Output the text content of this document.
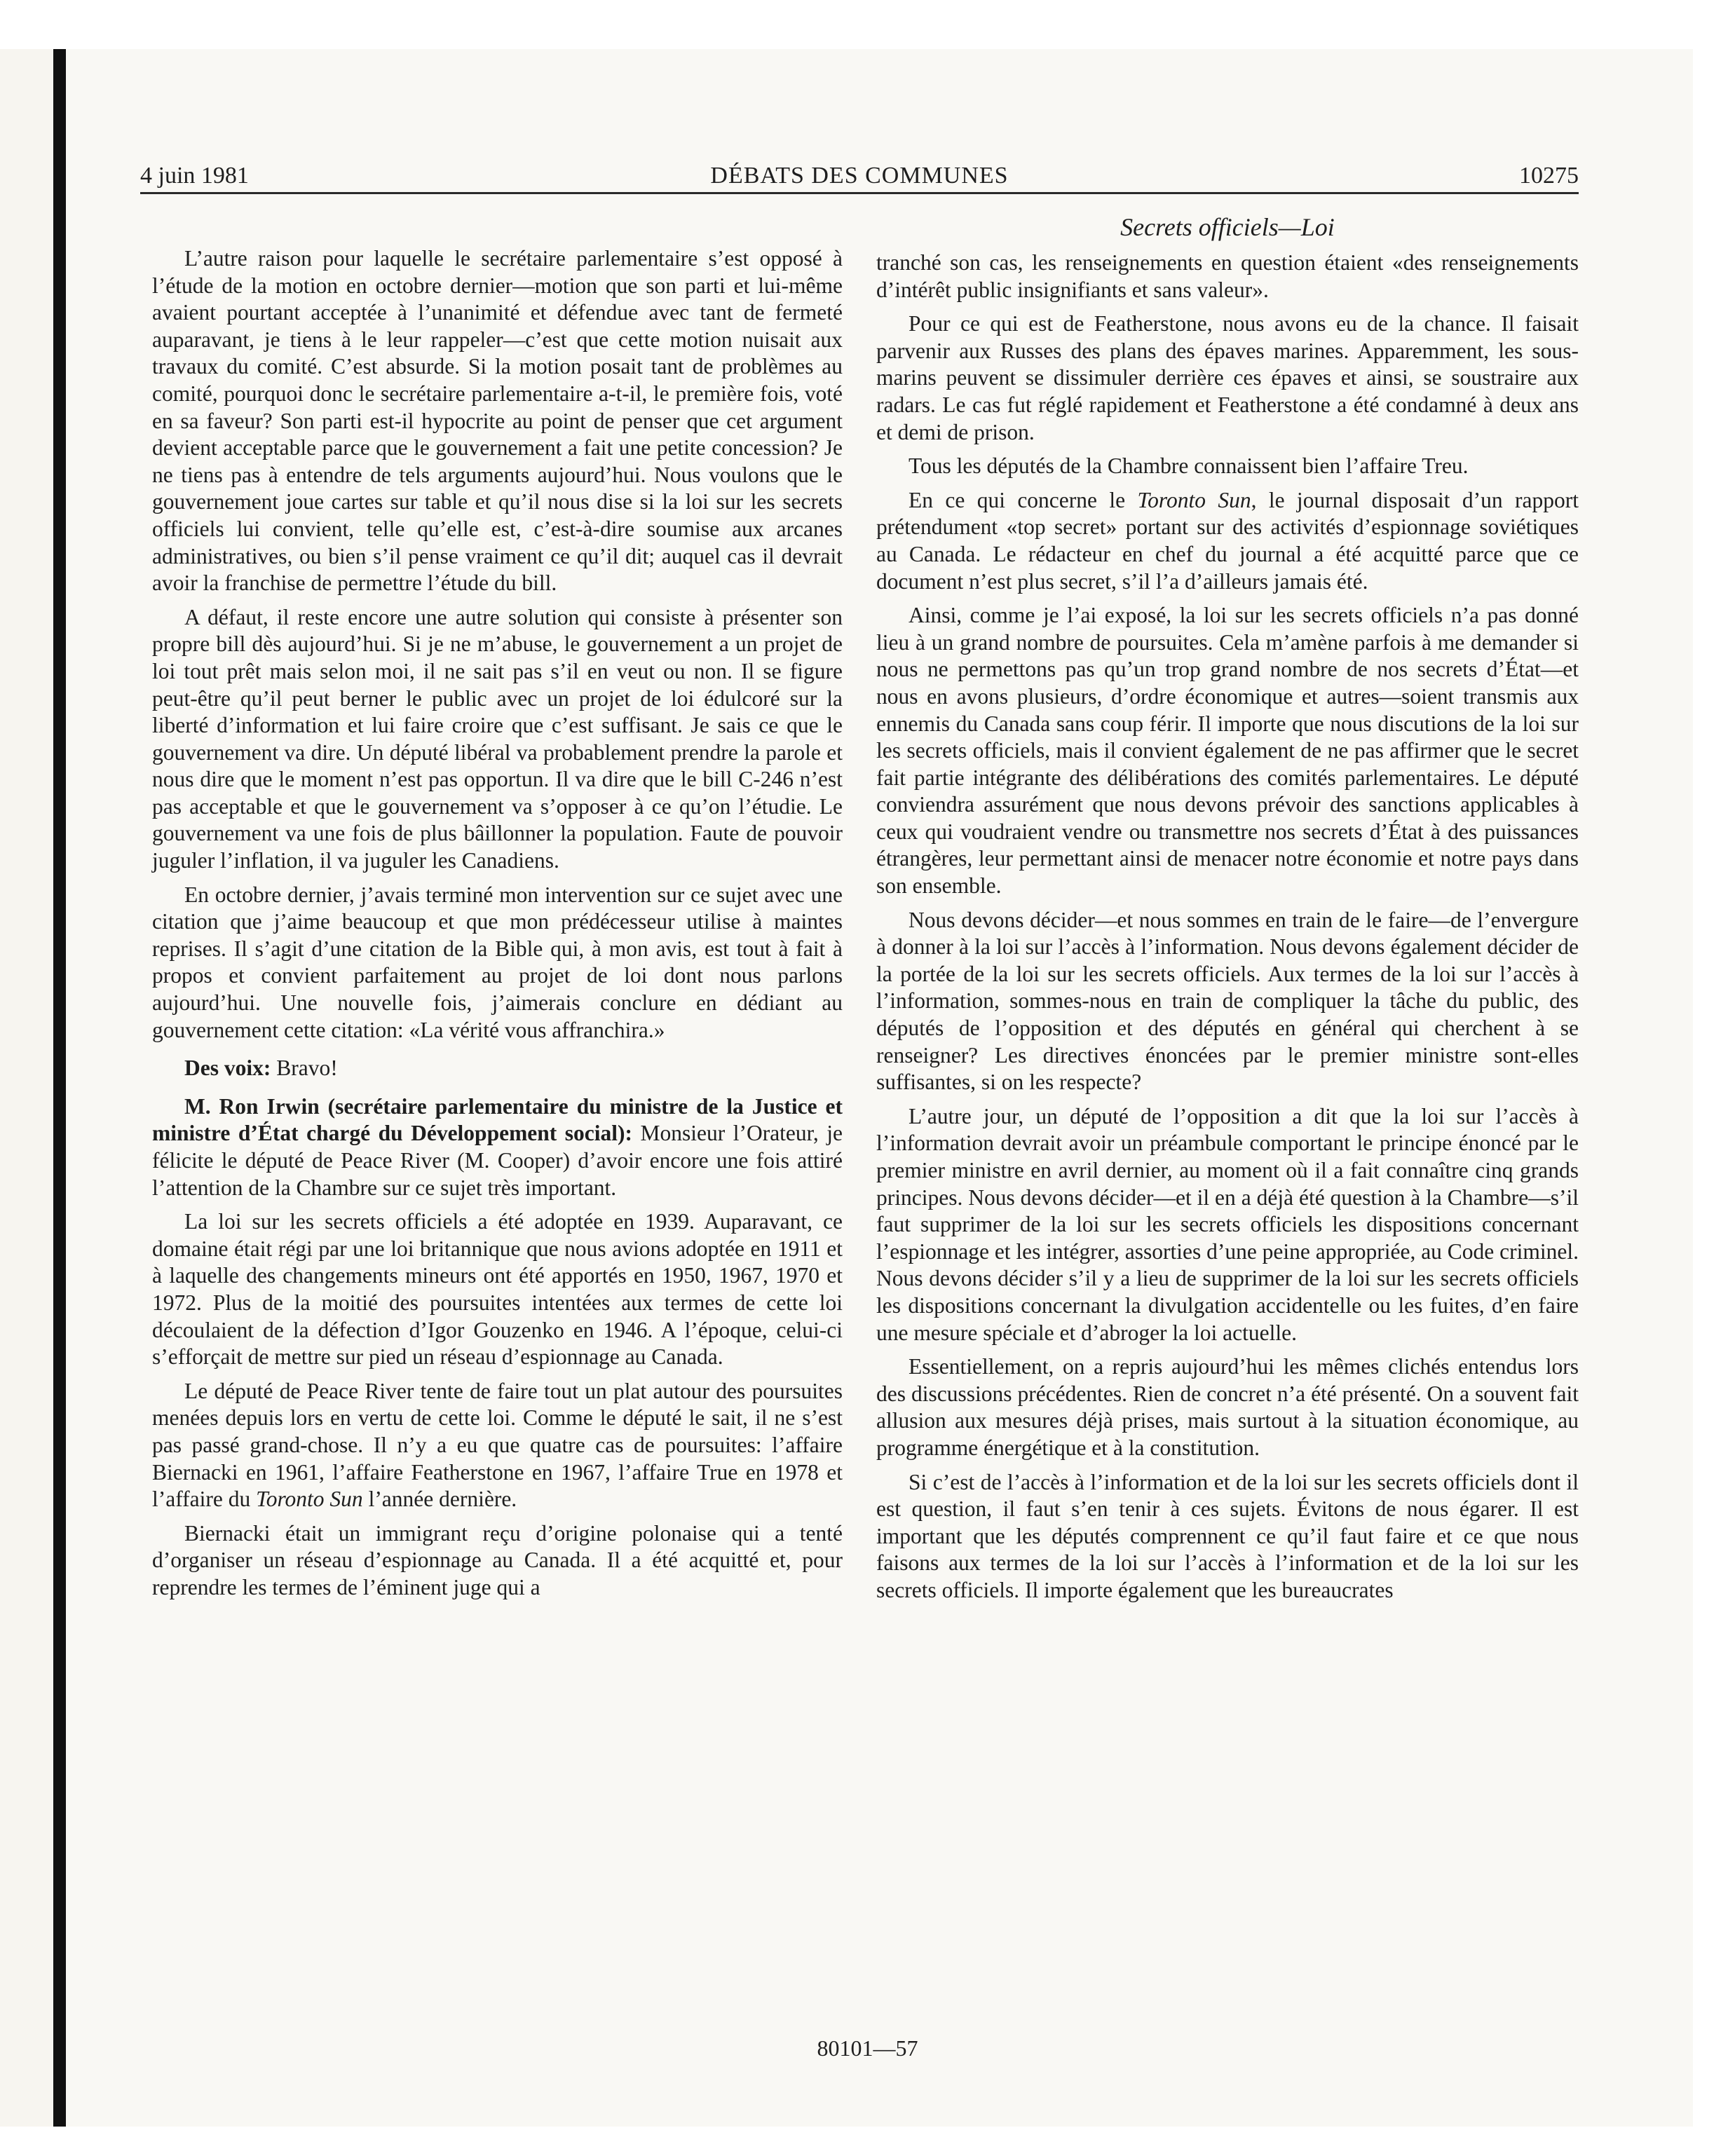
4 juin 1981	DÉBATS DES COMMUNES	10275
Secrets officiels—Loi

L’autre raison pour laquelle le secrétaire parlementaire s’est opposé à l’étude de la motion en octobre dernier—motion que son parti et lui-même avaient pourtant acceptée à l’unanimité et défendue avec tant de fermeté auparavant, je tiens à le leur rappeler—c’est que cette motion nuisait aux travaux du comité. C’est absurde. Si la motion posait tant de problèmes au comité, pourquoi donc le secrétaire parlementaire a-t-il, le première fois, voté en sa faveur? Son parti est-il hypocrite au point de penser que cet argument devient acceptable parce que le gouvernement a fait une petite concession? Je ne tiens pas à entendre de tels arguments aujourd’hui. Nous voulons que le gouvernement joue cartes sur table et qu’il nous dise si la loi sur les secrets officiels lui convient, telle qu’elle est, c’est-à-dire soumise aux arcanes administratives, ou bien s’il pense vraiment ce qu’il dit; auquel cas il devrait avoir la franchise de permettre l’étude du bill.

A défaut, il reste encore une autre solution qui consiste à présenter son propre bill dès aujourd’hui. Si je ne m’abuse, le gouvernement a un projet de loi tout prêt mais selon moi, il ne sait pas s’il en veut ou non. Il se figure peut-être qu’il peut berner le public avec un projet de loi édulcoré sur la liberté d’information et lui faire croire que c’est suffisant. Je sais ce que le gouvernement va dire. Un député libéral va probablement prendre la parole et nous dire que le moment n’est pas opportun. Il va dire que le bill C-246 n’est pas acceptable et que le gouvernement va s’opposer à ce qu’on l’étudie. Le gouvernement va une fois de plus bâillonner la population. Faute de pouvoir juguler l’inflation, il va juguler les Canadiens.

En octobre dernier, j’avais terminé mon intervention sur ce sujet avec une citation que j’aime beaucoup et que mon prédécesseur utilise à maintes reprises. Il s’agit d’une citation de la Bible qui, à mon avis, est tout à fait à propos et convient parfaitement au projet de loi dont nous parlons aujourd’hui. Une nouvelle fois, j’aimerais conclure en dédiant au gouvernement cette citation: «La vérité vous affranchira.»

Des voix: Bravo!

M. Ron Irwin (secrétaire parlementaire du ministre de la Justice et ministre d’État chargé du Développement social): Monsieur l’Orateur, je félicite le député de Peace River (M. Cooper) d’avoir encore une fois attiré l’attention de la Chambre sur ce sujet très important.

La loi sur les secrets officiels a été adoptée en 1939. Auparavant, ce domaine était régi par une loi britannique que nous avions adoptée en 1911 et à laquelle des changements mineurs ont été apportés en 1950, 1967, 1970 et 1972. Plus de la moitié des poursuites intentées aux termes de cette loi découlaient de la défection d’Igor Gouzenko en 1946. A l’époque, celui-ci s’efforçait de mettre sur pied un réseau d’espionnage au Canada.

Le député de Peace River tente de faire tout un plat autour des poursuites menées depuis lors en vertu de cette loi. Comme le député le sait, il ne s’est pas passé grand-chose. Il n’y a eu que quatre cas de poursuites: l’affaire Biernacki en 1961, l’affaire Featherstone en 1967, l’affaire True en 1978 et l’affaire du Toronto Sun l’année dernière.

Biernacki était un immigrant reçu d’origine polonaise qui a tenté d’organiser un réseau d’espionnage au Canada. Il a été acquitté et, pour reprendre les termes de l’éminent juge qui a

tranché son cas, les renseignements en question étaient «des renseignements d’intérêt public insignifiants et sans valeur».

Pour ce qui est de Featherstone, nous avons eu de la chance. Il faisait parvenir aux Russes des plans des épaves marines. Apparemment, les sous-marins peuvent se dissimuler derrière ces épaves et ainsi, se soustraire aux radars. Le cas fut réglé rapidement et Featherstone a été condamné à deux ans et demi de prison.

Tous les députés de la Chambre connaissent bien l’affaire Treu.

En ce qui concerne le Toronto Sun, le journal disposait d’un rapport prétendument «top secret» portant sur des activités d’espionnage soviétiques au Canada. Le rédacteur en chef du journal a été acquitté parce que ce document n’est plus secret, s’il l’a d’ailleurs jamais été.

Ainsi, comme je l’ai exposé, la loi sur les secrets officiels n’a pas donné lieu à un grand nombre de poursuites. Cela m’amène parfois à me demander si nous ne permettons pas qu’un trop grand nombre de nos secrets d’État—et nous en avons plusieurs, d’ordre économique et autres—soient transmis aux ennemis du Canada sans coup férir. Il importe que nous discutions de la loi sur les secrets officiels, mais il convient également de ne pas affirmer que le secret fait partie intégrante des délibérations des comités parlementaires. Le député conviendra assurément que nous devons prévoir des sanctions applicables à ceux qui voudraient vendre ou transmettre nos secrets d’État à des puissances étrangères, leur permettant ainsi de menacer notre économie et notre pays dans son ensemble.

Nous devons décider—et nous sommes en train de le faire—de l’envergure à donner à la loi sur l’accès à l’information. Nous devons également décider de la portée de la loi sur les secrets officiels. Aux termes de la loi sur l’accès à l’information, sommes-nous en train de compliquer la tâche du public, des députés de l’opposition et des députés en général qui cherchent à se renseigner? Les directives énoncées par le premier ministre sont-elles suffisantes, si on les respecte?

L’autre jour, un député de l’opposition a dit que la loi sur l’accès à l’information devrait avoir un préambule comportant le principe énoncé par le premier ministre en avril dernier, au moment où il a fait connaître cinq grands principes. Nous devons décider—et il en a déjà été question à la Chambre—s’il faut supprimer de la loi sur les secrets officiels les dispositions concernant l’espionnage et les intégrer, assorties d’une peine appropriée, au Code criminel. Nous devons décider s’il y a lieu de supprimer de la loi sur les secrets officiels les dispositions concernant la divulgation accidentelle ou les fuites, d’en faire une mesure spéciale et d’abroger la loi actuelle.

Essentiellement, on a repris aujourd’hui les mêmes clichés entendus lors des discussions précédentes. Rien de concret n’a été présenté. On a souvent fait allusion aux mesures déjà prises, mais surtout à la situation économique, au programme énergétique et à la constitution.

Si c’est de l’accès à l’information et de la loi sur les secrets officiels dont il est question, il faut s’en tenir à ces sujets. Évitons de nous égarer. Il est important que les députés comprennent ce qu’il faut faire et ce que nous faisons aux termes de la loi sur l’accès à l’information et de la loi sur les secrets officiels. Il importe également que les bureaucrates

80101—57
